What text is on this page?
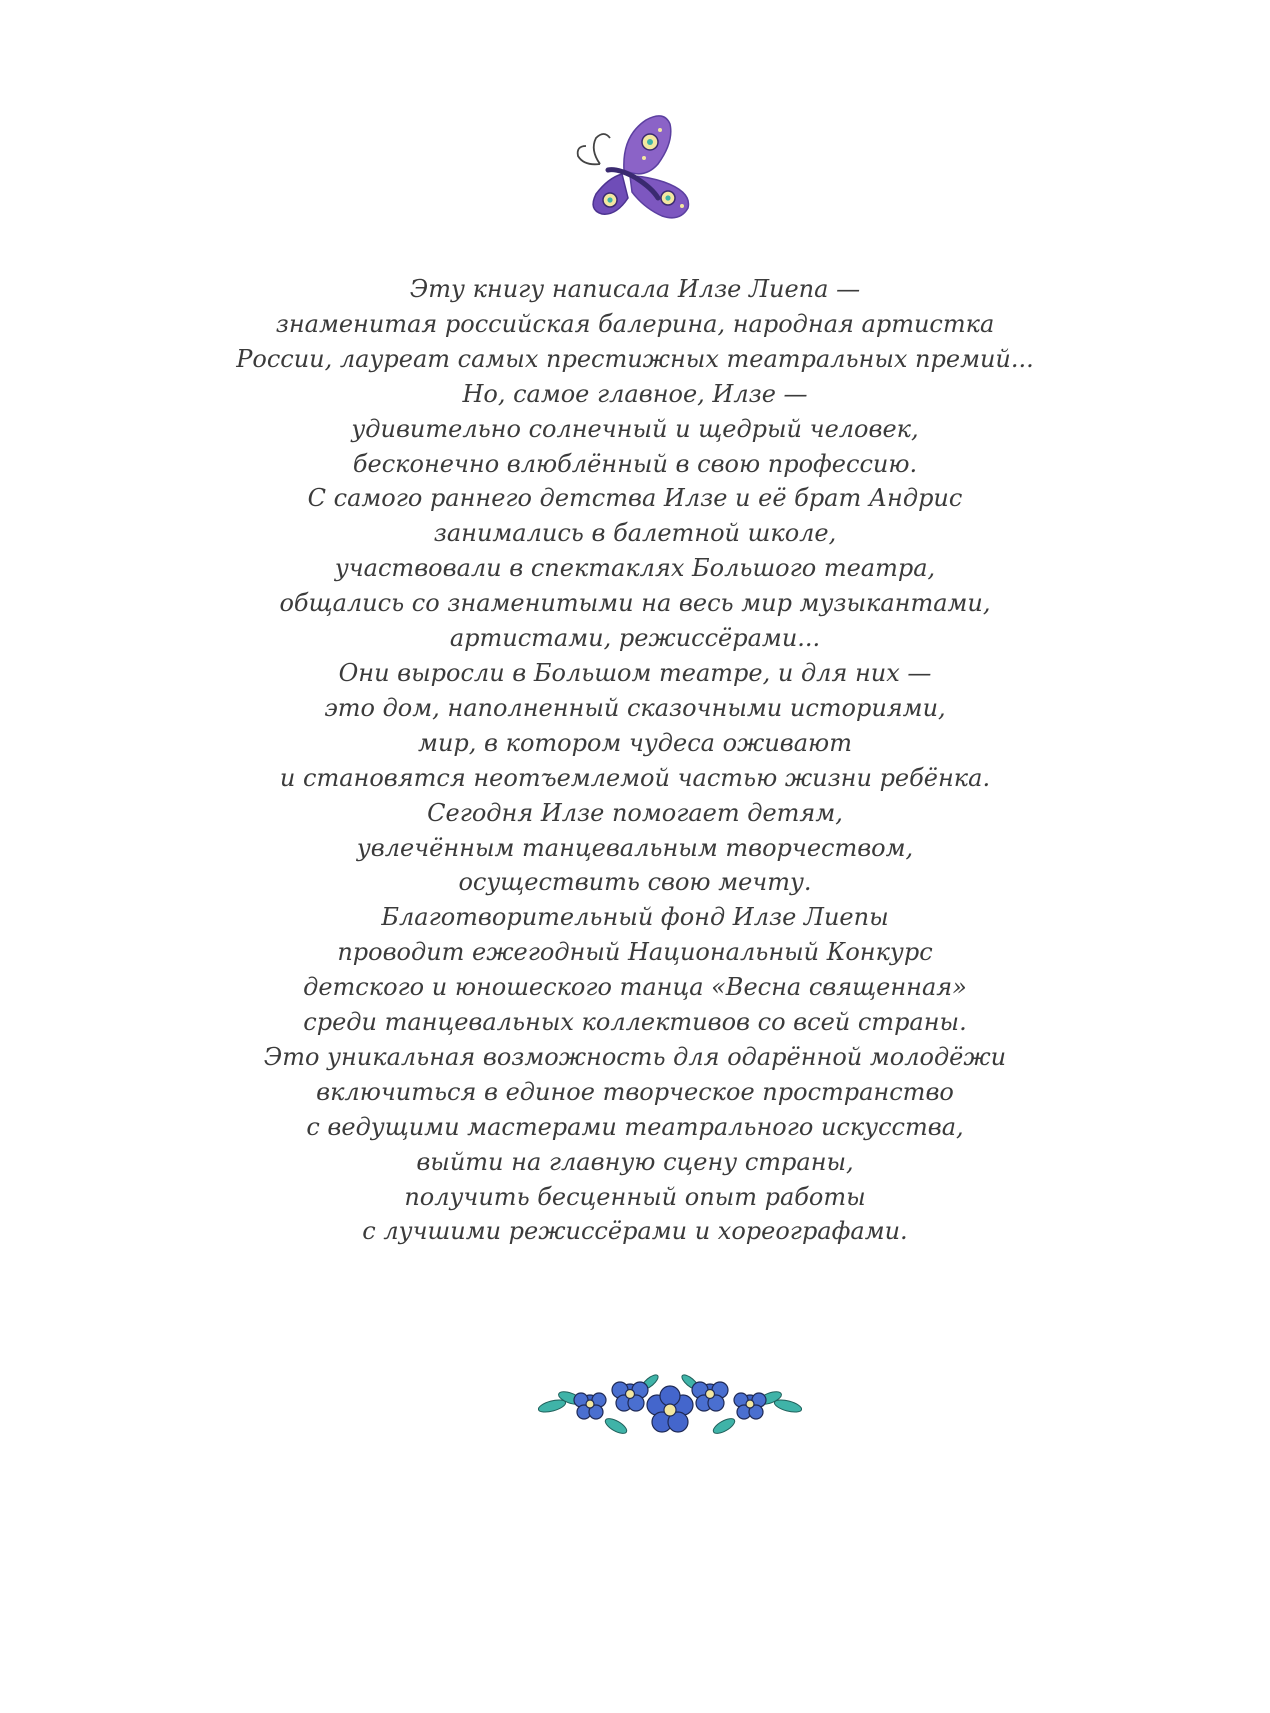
Эту книгу написала Илзе Лиепа —
знаменитая российская балерина, народная артистка
России, лауреат самых престижных театральных премий...
Но, самое главное, Илзе —
удивительно солнечный и щедрый человек,
бесконечно влюблённый в свою профессию.
С самого раннего детства Илзе и её брат Андрис
занимались в балетной школе,
участвовали в спектаклях Большого театра,
общались со знаменитыми на весь мир музыкантами,
артистами, режиссёрами...
Они выросли в Большом театре, и для них —
это дом, наполненный сказочными историями,
мир, в котором чудеса оживают
и становятся неотъемлемой частью жизни ребёнка.
Сегодня Илзе помогает детям,
увлечённым танцевальным творчеством,
осуществить свою мечту.
Благотворительный фонд Илзе Лиепы
проводит ежегодный Национальный Конкурс
детского и юношеского танца «Весна священная»
среди танцевальных коллективов со всей страны.
Это уникальная возможность для одарённой молодёжи
включиться в единое творческое пространство
с ведущими мастерами театрального искусства,
выйти на главную сцену страны,
получить бесценный опыт работы
с лучшими режиссёрами и хореографами.
